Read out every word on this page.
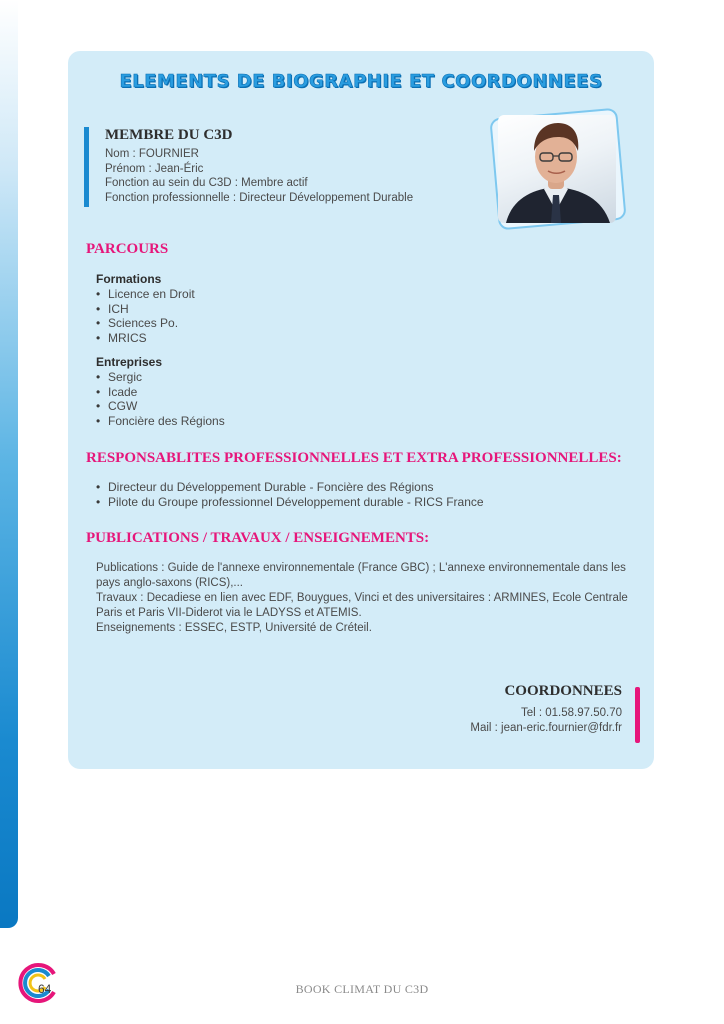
ELEMENTS DE BIOGRAPHIE ET COORDONNEES
MEMBRE DU C3D
Nom : FOURNIER
Prénom : Jean-Éric
Fonction au sein du C3D : Membre actif
Fonction professionnelle : Directeur Développement Durable
PARCOURS
Formations
• Licence en Droit
• ICH
• Sciences Po.
• MRICS
Entreprises
• Sergic
• Icade
• CGW
• Foncière des Régions
RESPONSABLITES PROFESSIONNELLES ET EXTRA PROFESSIONNELLES:
• Directeur du Développement Durable - Foncière des Régions
• Pilote du Groupe professionnel Développement durable - RICS France
PUBLICATIONS / TRAVAUX / ENSEIGNEMENTS:
Publications : Guide de l'annexe environnementale (France GBC) ; L'annexe environnementale dans les pays anglo-saxons (RICS),...
Travaux : Decadiese en lien avec EDF, Bouygues, Vinci et des universitaires : ARMINES, Ecole Centrale Paris et Paris VII-Diderot via le LADYSS et ATEMIS.
Enseignements : ESSEC, ESTP, Université de Créteil.
COORDONNEES
Tel : 01.58.97.50.70
Mail : jean-eric.fournier@fdr.fr
64	BOOK CLIMAT DU C3D
